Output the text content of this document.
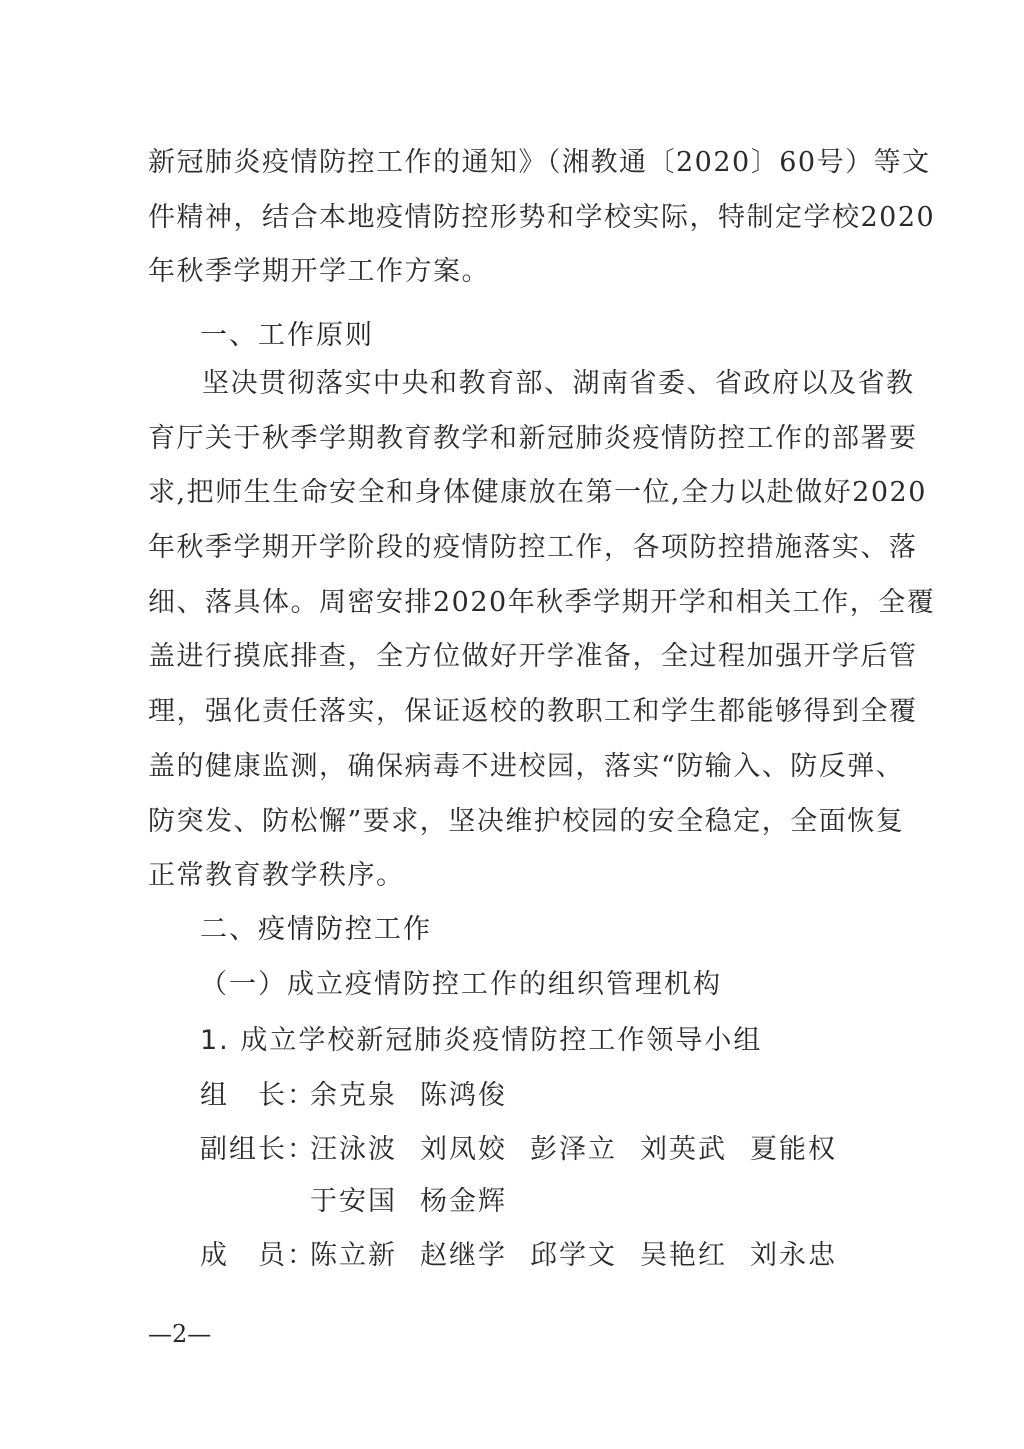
新冠肺炎疫情防控工作的通知》（湘教通〔2020〕60号）等文
件精神，结合本地疫情防控形势和学校实际，特制定学校2020
年秋季学期开学工作方案。
一、工作原则
坚决贯彻落实中央和教育部、湖南省委、省政府以及省教
育厅关于秋季学期教育教学和新冠肺炎疫情防控工作的部署要
求,把师生生命安全和身体健康放在第一位,全力以赴做好2020
年秋季学期开学阶段的疫情防控工作，各项防控措施落实、落
细、落具体。周密安排2020年秋季学期开学和相关工作，全覆
盖进行摸底排查，全方位做好开学准备，全过程加强开学后管
理，强化责任落实，保证返校的教职工和学生都能够得到全覆
盖的健康监测，确保病毒不进校园，落实“防输入、防反弹、
防突发、防松懈”要求，坚决维护校园的安全稳定，全面恢复
正常教育教学秩序。
二、疫情防控工作
（一）成立疫情防控工作的组织管理机构
1. 成立学校新冠肺炎疫情防控工作领导小组
组　长：余克泉 陈鸿俊
副组长：汪泳波 刘凤姣 彭泽立 刘英武 夏能权
于安国 杨金辉
成　员：陈立新 赵继学 邱学文 吴艳红 刘永忠
—2—
